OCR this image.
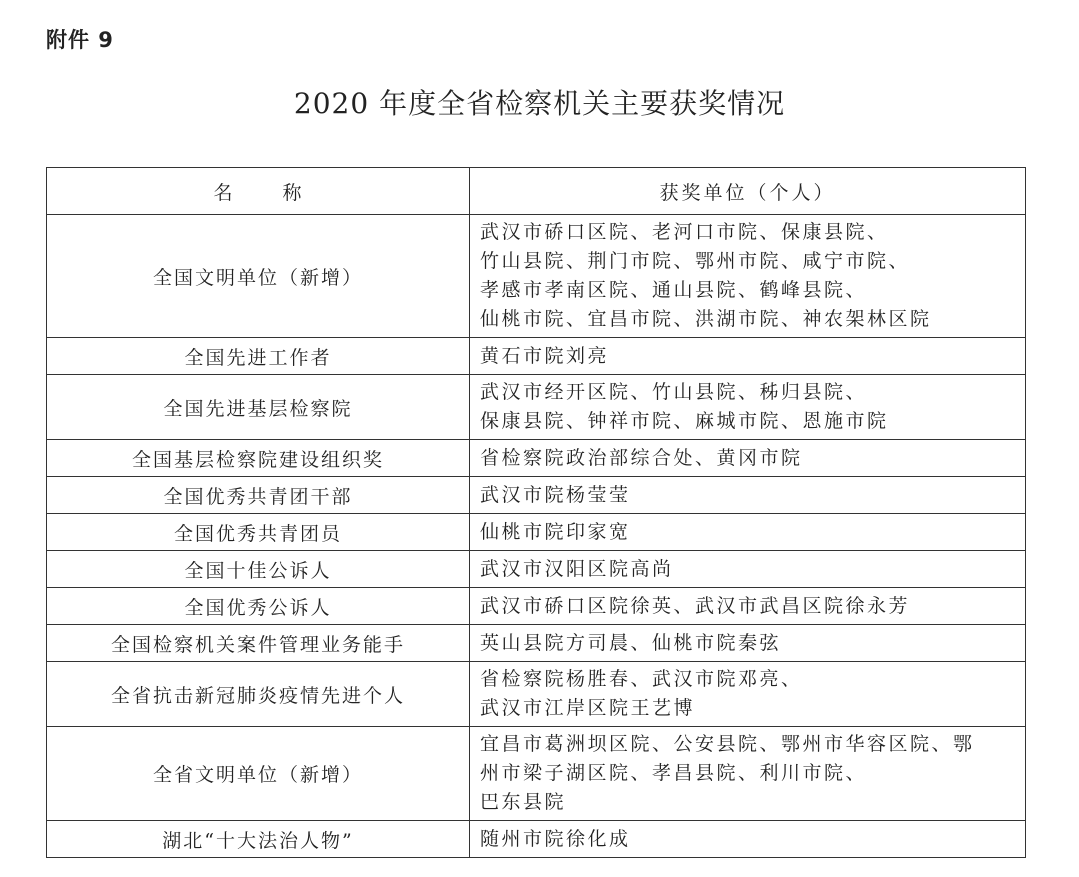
附件 9
2020 年度全省检察机关主要获奖情况
名 称	获奖单位（个人）
全国文明单位（新增）	武汉市硚口区院、老河口市院、保康县院、
竹山县院、荆门市院、鄂州市院、咸宁市院、
孝感市孝南区院、通山县院、鹤峰县院、
仙桃市院、宜昌市院、洪湖市院、神农架林区院

全国先进工作者	黄石市院刘亮

全国先进基层检察院	武汉市经开区院、竹山县院、秭归县院、
保康县院、钟祥市院、麻城市院、恩施市院

全国基层检察院建设组织奖	省检察院政治部综合处、黄冈市院

全国优秀共青团干部	武汉市院杨莹莹

全国优秀共青团员	仙桃市院印家宽

全国十佳公诉人	武汉市汉阳区院高尚

全国优秀公诉人	武汉市硚口区院徐英、武汉市武昌区院徐永芳

全国检察机关案件管理业务能手	英山县院方司晨、仙桃市院秦弦

全省抗击新冠肺炎疫情先进个人	省检察院杨胜春、武汉市院邓亮、
武汉市江岸区院王艺博

全省文明单位（新增）	宜昌市葛洲坝区院、公安县院、鄂州市华容区院、鄂
州市梁子湖区院、孝昌县院、利川市院、
巴东县院

湖北“十大法治人物”	随州市院徐化成
